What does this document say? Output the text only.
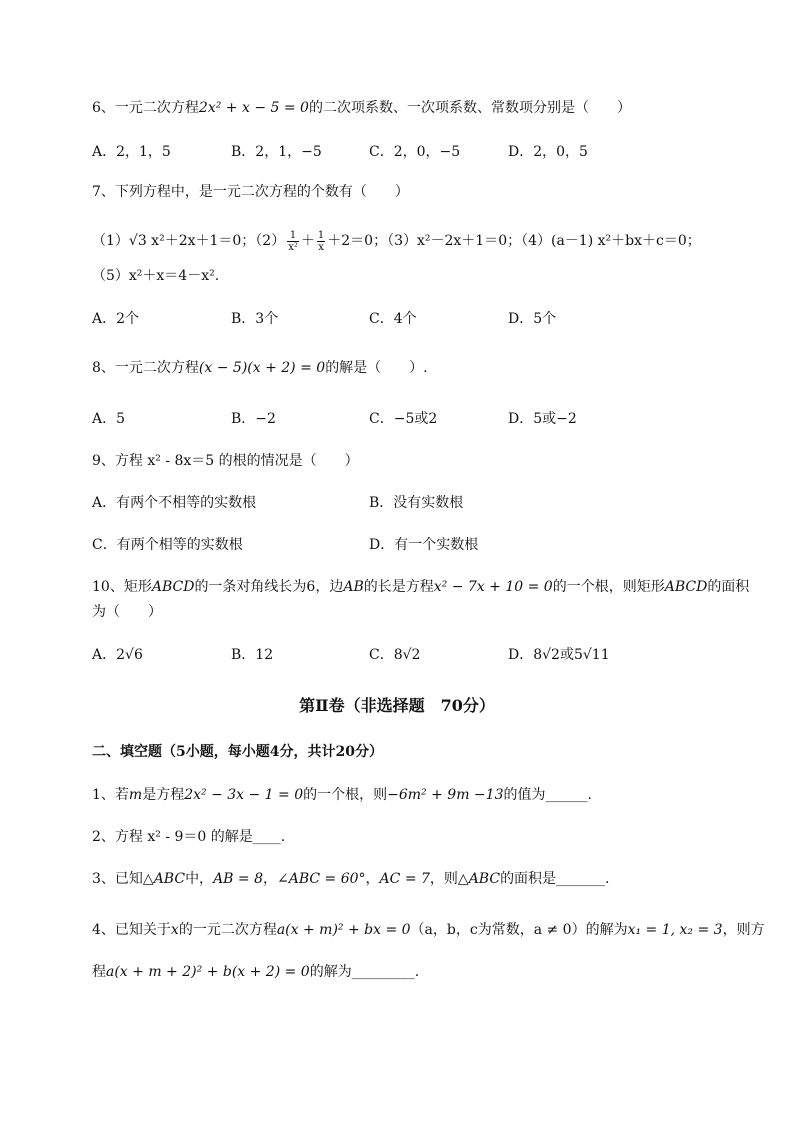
6、一元二次方程2x² + x − 5 = 0的二次项系数、一次项系数、常数项分别是（　　）
A．2，1，5	B．2，1，−5	C．2，0，−5	D．2，0，5
7、下列方程中，是一元二次方程的个数有（　　）
（1）√3 x²＋2x＋1＝0；$(2) \frac{1}{\text{x²}} + \frac{1}{x} +2=0$；（3）x²－2x＋1＝0；（4）(a－1) x²＋bx＋c＝0；
（5）x²＋x＝4－x².
A．2个	B．3个	C．4个	D．5个
8、一元二次方程(x − 5)(x + 2) = 0的解是（　　）.
A．5	B．−2	C．−5或2	D．5或−2
9、方程 x² - 8x＝5 的根的情况是（　　）
A．有两个不相等的实数根	B．没有实数根
C．有两个相等的实数根	D．有一个实数根
10、矩形ABCD的一条对角线长为6，边AB的长是方程x² − 7x + 10 = 0的一个根，则矩形ABCD的面积
为（　　）
A．2√6	B．12	C．8√2	D．8√2或5√11
第Ⅱ卷（非选择题　70分）
二、填空题（5小题，每小题4分，共计20分）
1、若m是方程2x² − 3x − 1 = 0的一个根，则−6m² + 9m −13的值为______.
2、方程 x² - 9＝0 的解是____.
3、已知△ABC中，AB = 8，∠ABC = 60°，AC = 7，则△ABC的面积是_______.
4、已知关于x的一元二次方程a(x + m)² + bx = 0（a，b，c为常数，a ≠ 0）的解为x₁ = 1, x₂ = 3，则方
程a(x + m + 2)² + b(x + 2) = 0的解为_________.
